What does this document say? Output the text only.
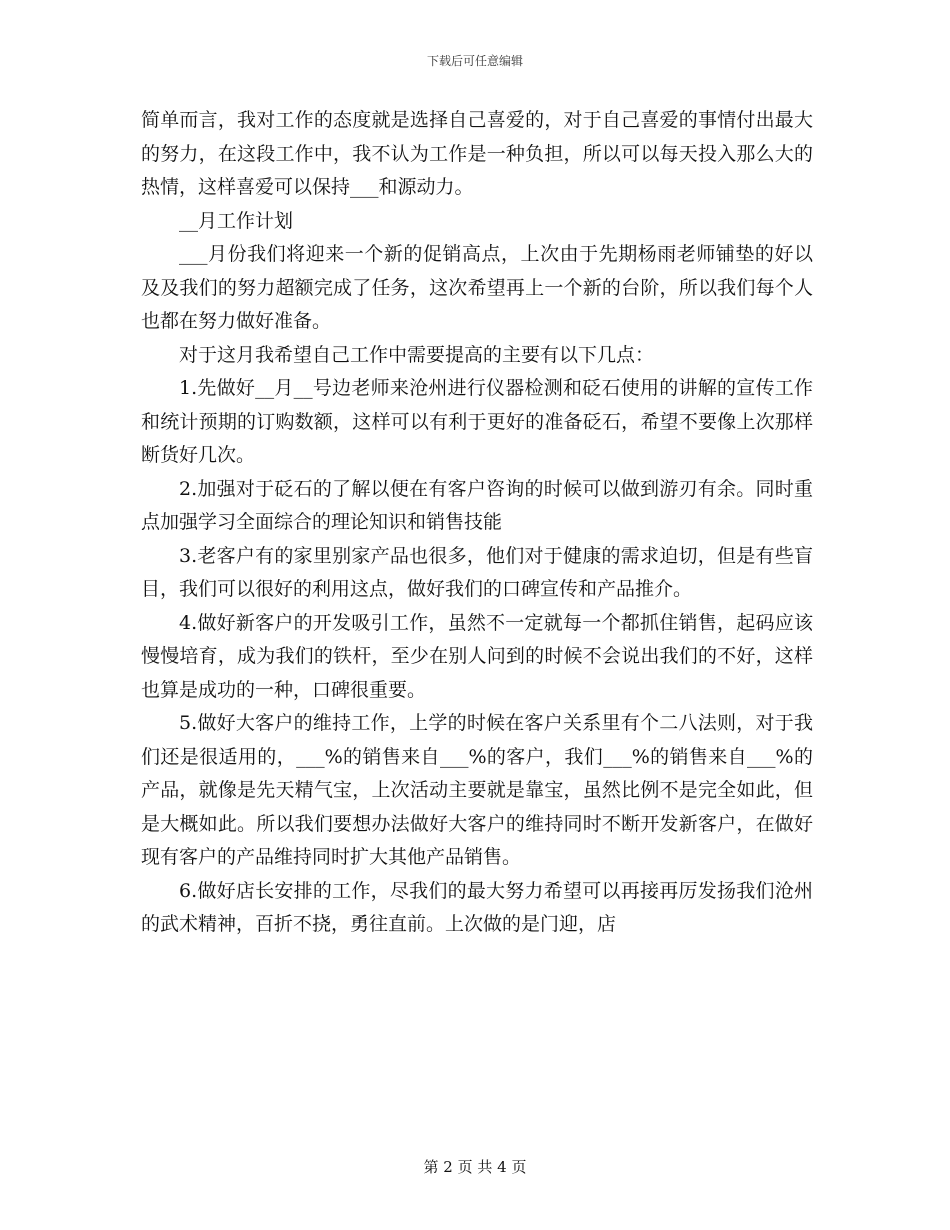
下载后可任意编辑

简单而言，我对工作的态度就是选择自己喜爱的，对于自己喜爱的事情付出最大的努力，在这段工作中，我不认为工作是一种负担，所以可以每天投入那么大的热情，这样喜爱可以保持___和源动力。

__月工作计划

___月份我们将迎来一个新的促销高点，上次由于先期杨雨老师铺垫的好以及及我们的努力超额完成了任务，这次希望再上一个新的台阶，所以我们每个人也都在努力做好准备。

对于这月我希望自己工作中需要提高的主要有以下几点：

1.先做好__月__号边老师来沧州进行仪器检测和砭石使用的讲解的宣传工作和统计预期的订购数额，这样可以有利于更好的准备砭石，希望不要像上次那样断货好几次。

2.加强对于砭石的了解以便在有客户咨询的时候可以做到游刃有余。同时重点加强学习全面综合的理论知识和销售技能

3.老客户有的家里别家产品也很多，他们对于健康的需求迫切，但是有些盲目，我们可以很好的利用这点，做好我们的口碑宣传和产品推介。

4.做好新客户的开发吸引工作，虽然不一定就每一个都抓住销售，起码应该慢慢培育，成为我们的铁杆，至少在别人问到的时候不会说出我们的不好，这样也算是成功的一种，口碑很重要。

5.做好大客户的维持工作，上学的时候在客户关系里有个二八法则，对于我们还是很适用的，___%的销售来自___%的客户，我们___%的销售来自___%的产品，就像是先天精气宝，上次活动主要就是靠宝，虽然比例不是完全如此，但是大概如此。所以我们要想办法做好大客户的维持同时不断开发新客户，在做好现有客户的产品维持同时扩大其他产品销售。

6.做好店长安排的工作，尽我们的最大努力希望可以再接再厉发扬我们沧州的武术精神，百折不挠，勇往直前。上次做的是门迎，店

第 2 页 共 4 页
